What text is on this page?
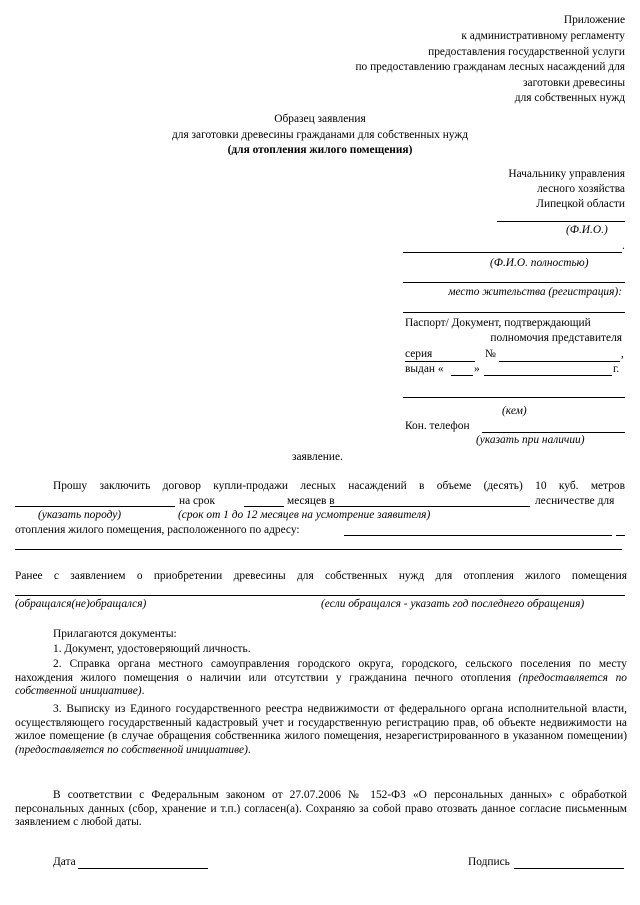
Приложение
к административному регламенту
предоставления государственной услуги
по предоставлению гражданам лесных насаждений для
заготовки древесины
для собственных нужд
Образец заявления
для заготовки древесины гражданами для собственных нужд
(для отопления жилого помещения)
Начальнику управления
лесного хозяйства
Липецкой области
(Ф.И.О.)
.
(Ф.И.О. полностью)
место жительства (регистрация):
Паспорт/ Документ, подтверждающий
полномочия представителя
серия	№	,
выдан «	»	г.
(кем)
Кон. телефон
(указать при наличии)
заявление.
Прошу заключить договор купли-продажи лесных насаждений в объеме (десять) 10 куб. метров
на срок	месяцев в	лесничестве для
(указать породу)	(срок от 1 до 12 месяцев на усмотрение заявителя)
отопления жилого помещения, расположенного по адресу:
Ранее с заявлением о приобретении древесины для собственных нужд для отопления жилого помещения
(обращался(не)обращался)	(если обращался - указать год последнего обращения)
Прилагаются документы:
1. Документ, удостоверяющий личность.
2. Справка органа местного самоуправления городского округа, городского, сельского поселения по месту нахождения жилого помещения о наличии или отсутствии у гражданина печного отопления (предоставляется по собственной инициативе).
3. Выписку из Единого государственного реестра недвижимости от федерального органа исполнительной власти, осуществляющего государственный кадастровый учет и государственную регистрацию прав, об объекте недвижимости на жилое помещение (в случае обращения собственника жилого помещения, незарегистрированного в указанном помещении) (предоставляется по собственной инициативе).
В соответствии с Федеральным законом от 27.07.2006 № 152-ФЗ «О персональных данных» с обработкой персональных данных (сбор, хранение и т.п.) согласен(а). Сохраняю за собой право отозвать данное согласие письменным заявлением с любой даты.
Дата	Подпись
